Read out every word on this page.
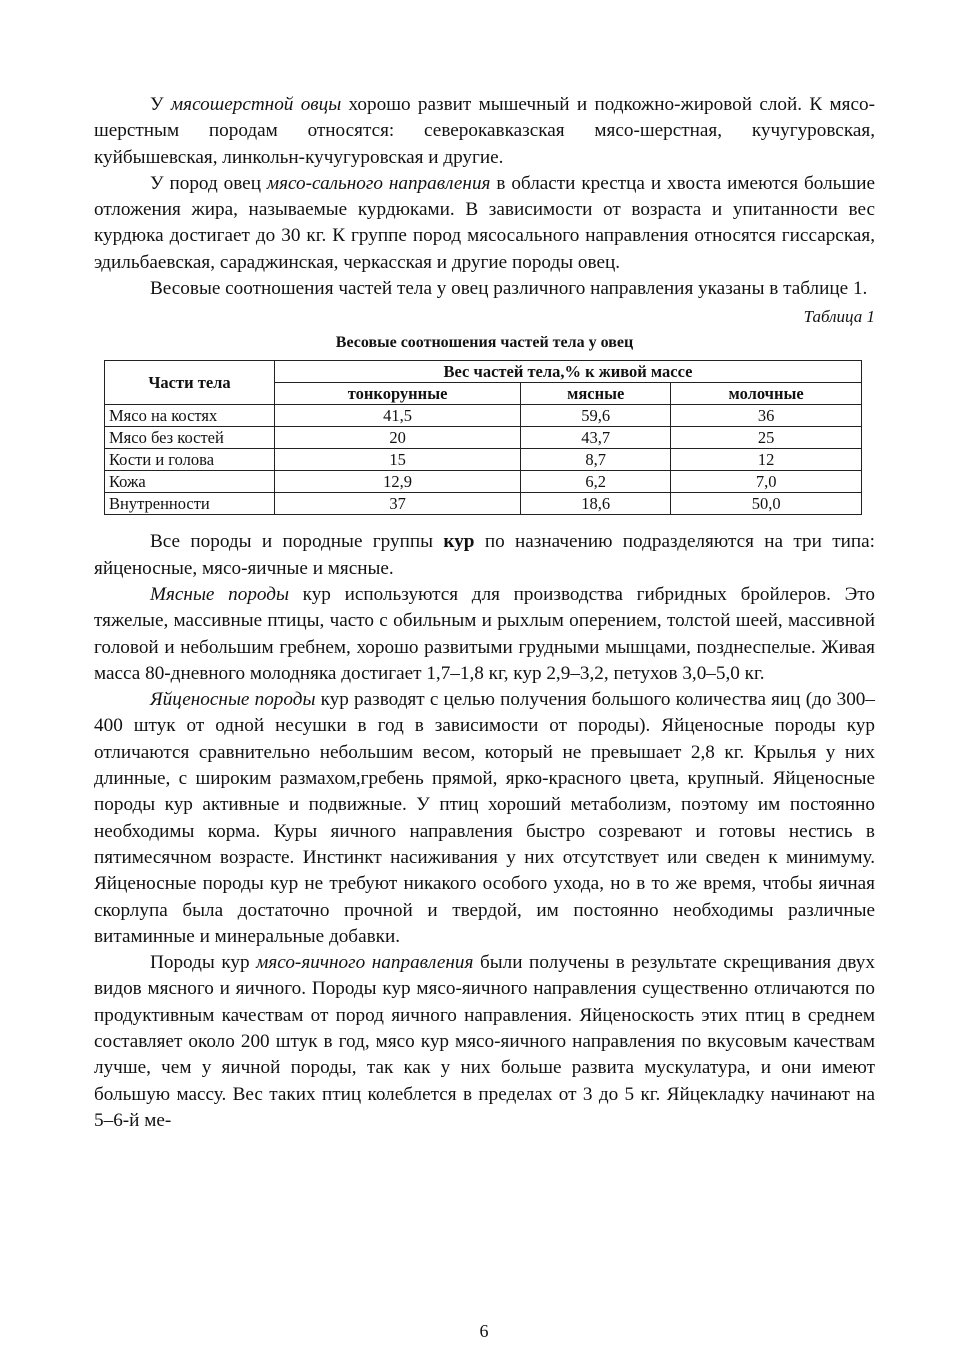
У мясошерстной овцы хорошо развит мышечный и подкожно-жировой слой. К мясо-шерстным породам относятся: северокавказская мясо-шерстная, кучугуровская, куйбышевская, линкольн-кучугуровская и другие.

У пород овец мясо-сального направления в области крестца и хвоста имеются большие отложения жира, называемые курдюками. В зависимости от возраста и упитанности вес курдюка достигает до 30 кг. К группе пород мясосального направления относятся гиссарская, эдильбаевская, сараджинская, черкасская и другие породы овец.

Весовые соотношения частей тела у овец различного направления указаны в таблице 1.

Таблица 1
Весовые соотношения частей тела у овец
Части тела	Вес частей тела,% к живой массе		
	тонкорунные	мясные	молочные
Мясо на костях	41,5	59,6	36
Мясо без костей	20	43,7	25
Кости и голова	15	8,7	12
Кожа	12,9	6,2	7,0
Внутренности	37	18,6	50,0

Все породы и породные группы кур по назначению подразделяются на три типа: яйценосные, мясо-яичные и мясные.

Мясные породы кур используются для производства гибридных бройлеров. Это тяжелые, массивные птицы, часто с обильным и рыхлым оперением, толстой шеей, массивной головой и небольшим гребнем, хорошо развитыми грудными мышцами, позднеспелые. Живая масса 80-дневного молодняка достигает 1,7–1,8 кг, кур 2,9–3,2, петухов 3,0–5,0 кг.

Яйценосные породы кур разводят с целью получения большого количества яиц (до 300–400 штук от одной несушки в год в зависимости от породы). Яйценосные породы кур отличаются сравнительно небольшим весом, который не превышает 2,8 кг. Крылья у них длинные, с широким размахом,гребень прямой, ярко-красного цвета, крупный. Яйценосные породы кур активные и подвижные. У птиц хороший метаболизм, поэтому им постоянно необходимы корма. Куры яичного направления быстро созревают и готовы нестись в пятимесячном возрасте. Инстинкт насиживания у них отсутствует или сведен к минимуму. Яйценосные породы кур не требуют никакого особого ухода, но в то же время, чтобы яичная скорлупа была достаточно прочной и твердой, им постоянно необходимы различные витаминные и минеральные добавки.

Породы кур мясо-яичного направления были получены в результате скрещивания двух видов мясного и яичного. Породы кур мясо-яичного направления существенно отличаются по продуктивным качествам от пород яичного направления. Яйценоскость этих птиц в среднем составляет около 200 штук в год, мясо кур мясо-яичного направления по вкусовым качествам лучше, чем у яичной породы, так как у них больше развита мускулатура, и они имеют большую массу. Вес таких птиц колеблется в пределах от 3 до 5 кг. Яйцекладку начинают на 5–6-й ме-

6
